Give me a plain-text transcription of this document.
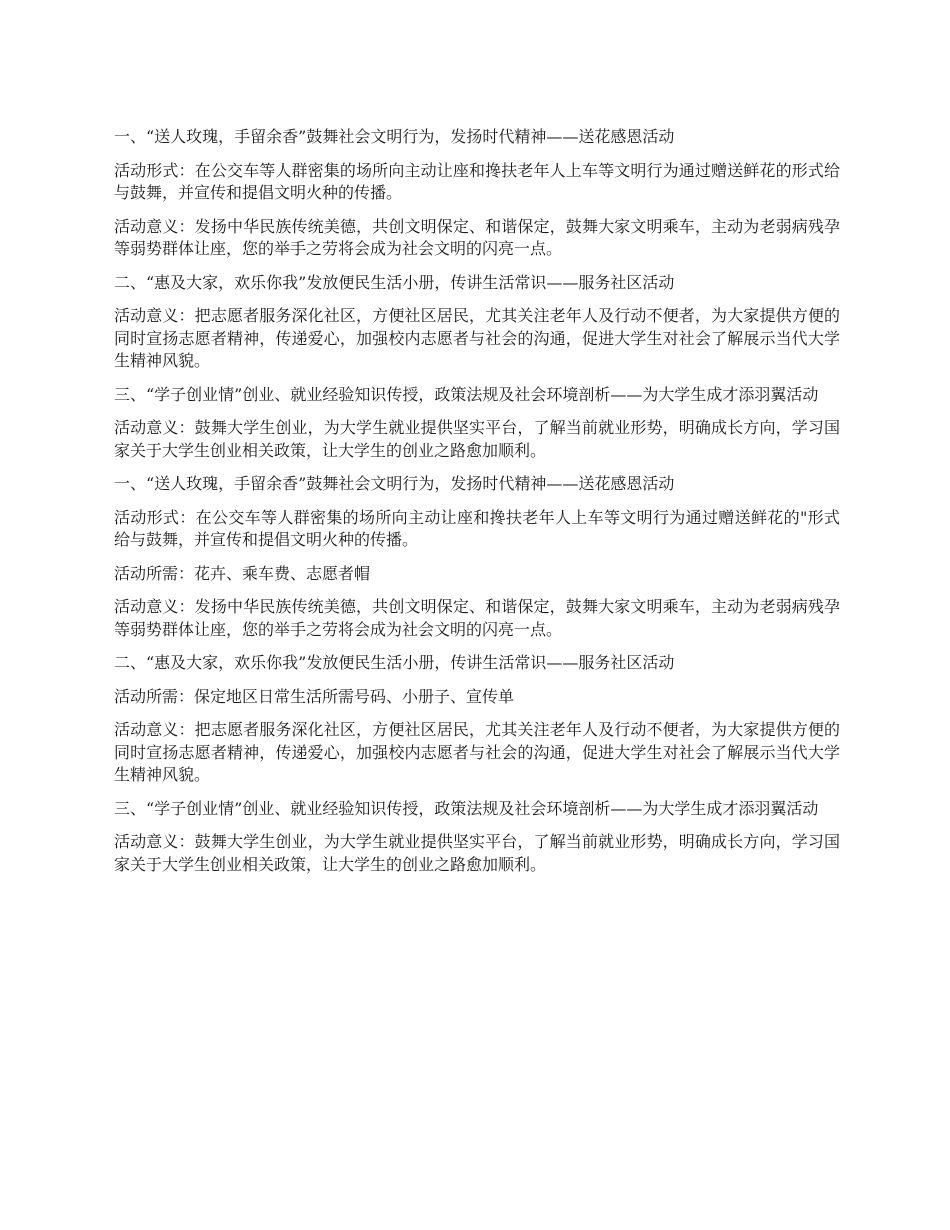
一、“送人玫瑰，手留余香”鼓舞社会文明行为，发扬时代精神——送花感恩活动

活动形式：在公交车等人群密集的场所向主动让座和搀扶老年人上车等文明行为通过赠送鲜花的形式给与鼓舞，并宣传和提倡文明火种的传播。

活动意义：发扬中华民族传统美德，共创文明保定、和谐保定，鼓舞大家文明乘车，主动为老弱病残孕等弱势群体让座，您的举手之劳将会成为社会文明的闪亮一点。

二、“惠及大家，欢乐你我”发放便民生活小册，传讲生活常识——服务社区活动

活动意义：把志愿者服务深化社区，方便社区居民，尤其关注老年人及行动不便者，为大家提供方便的同时宣扬志愿者精神，传递爱心，加强校内志愿者与社会的沟通，促进大学生对社会了解展示当代大学生精神风貌。

三、“学子创业情”创业、就业经验知识传授，政策法规及社会环境剖析——为大学生成才添羽翼活动

活动意义：鼓舞大学生创业，为大学生就业提供坚实平台，了解当前就业形势，明确成长方向，学习国家关于大学生创业相关政策，让大学生的创业之路愈加顺利。

一、“送人玫瑰，手留余香”鼓舞社会文明行为，发扬时代精神——送花感恩活动

活动形式：在公交车等人群密集的场所向主动让座和搀扶老年人上车等文明行为通过赠送鲜花的"形式给与鼓舞，并宣传和提倡文明火种的传播。

活动所需：花卉、乘车费、志愿者帽

活动意义：发扬中华民族传统美德，共创文明保定、和谐保定，鼓舞大家文明乘车，主动为老弱病残孕等弱势群体让座，您的举手之劳将会成为社会文明的闪亮一点。

二、“惠及大家，欢乐你我”发放便民生活小册，传讲生活常识——服务社区活动

活动所需：保定地区日常生活所需号码、小册子、宣传单

活动意义：把志愿者服务深化社区，方便社区居民，尤其关注老年人及行动不便者，为大家提供方便的同时宣扬志愿者精神，传递爱心，加强校内志愿者与社会的沟通，促进大学生对社会了解展示当代大学生精神风貌。

三、“学子创业情”创业、就业经验知识传授，政策法规及社会环境剖析——为大学生成才添羽翼活动

活动意义：鼓舞大学生创业，为大学生就业提供坚实平台，了解当前就业形势，明确成长方向，学习国家关于大学生创业相关政策，让大学生的创业之路愈加顺利。
